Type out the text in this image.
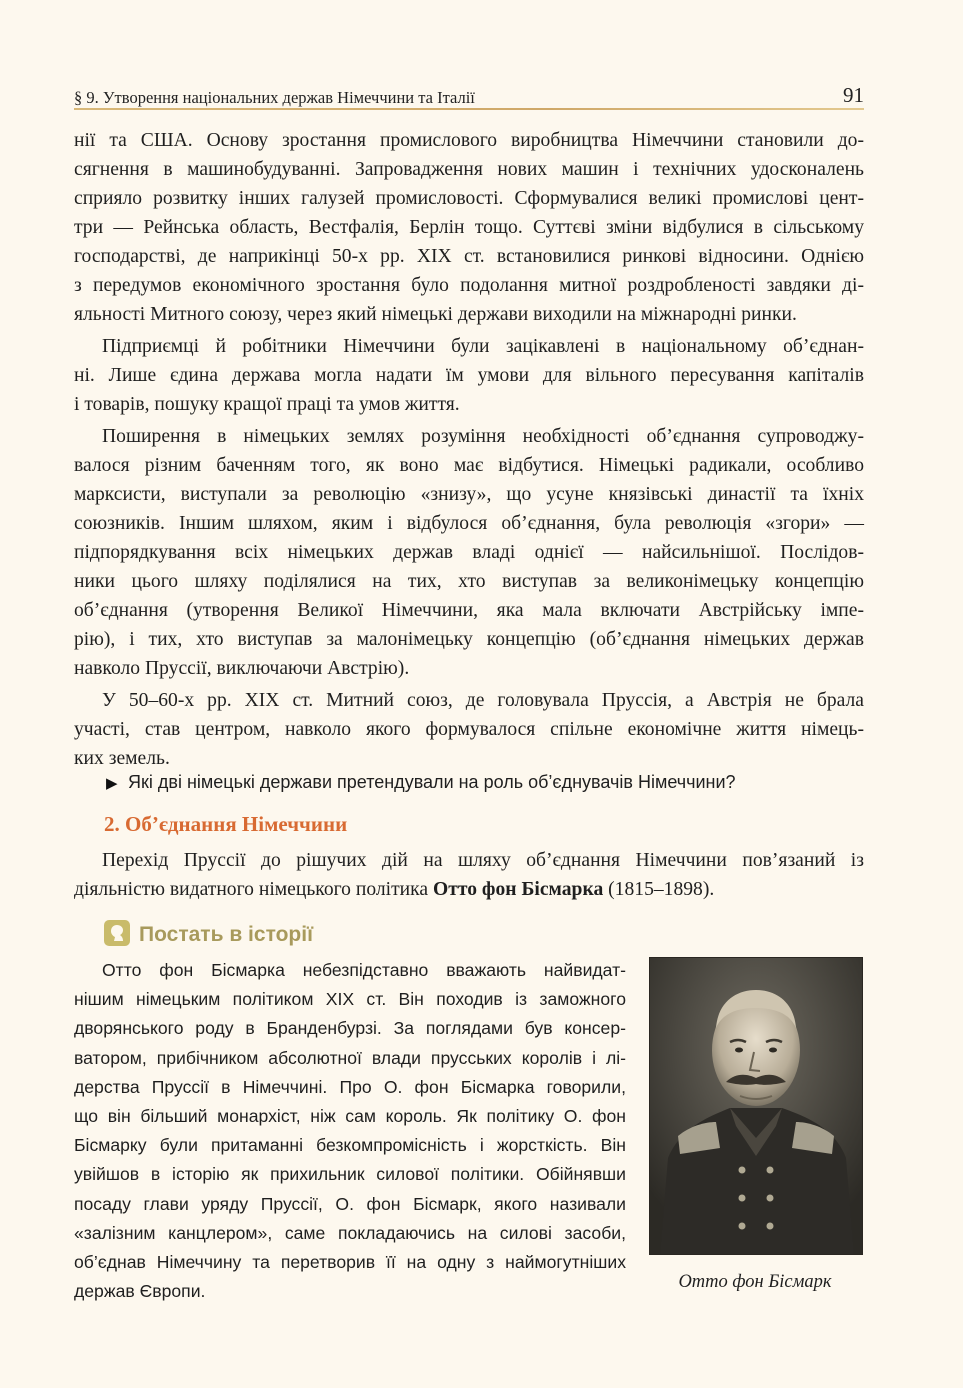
§ 9. Утворення національних держав Німеччини та Італії	91

нії та США. Основу зростання промислового виробництва Німеччини становили до-
сягнення в машинобудуванні. Запровадження нових машин і технічних удосконалень
сприяло розвитку інших галузей промисловості. Сформувалися великі промислові цент-
три — Рейнська область, Вестфалія, Берлін тощо. Суттєві зміни відбулися в сільському
господарстві, де наприкінці 50-х рр. XIX ст. встановилися ринкові відносини. Однією
з передумов економічного зростання було подолання митної роздробленості завдяки ді-
яльності Митного союзу, через який німецькі держави виходили на міжнародні ринки.

Підприємці й робітники Німеччини були зацікавлені в національному об’єднан-
ні. Лише єдина держава могла надати їм умови для вільного пересування капіталів
і товарів, пошуку кращої праці та умов життя.

Поширення в німецьких землях розуміння необхідності об’єднання супроводжу-
валося різним баченням того, як воно має відбутися. Німецькі радикали, особливо
марксисти, виступали за революцію «знизу», що усуне князівські династії та їхніх
союзників. Іншим шляхом, яким і відбулося об’єднання, була революція «згори» —
підпорядкування всіх німецьких держав владі однієї — найсильнішої. Послідов-
ники цього шляху поділялися на тих, хто виступав за великонімецьку концепцію
об’єднання (утворення Великої Німеччини, яка мала включати Австрійську імпе-
рію), і тих, хто виступав за малонімецьку концепцію (об’єднання німецьких держав
навколо Пруссії, виключаючи Австрію).

У 50–60-х рр. XIX ст. Митний союз, де головувала Пруссія, а Австрія не брала
участі, став центром, навколо якого формувалося спільне економічне життя німець-
ких земель.

▶ Які дві німецькі держави претендували на роль об’єднувачів Німеччини?
2. Об’єднання Німеччини
Перехід Пруссії до рішучих дій на шляху об’єднання Німеччини пов’язаний із
діяльністю видатного німецького політика Отто фон Бісмарка (1815–1898).
Постать в історії
Отто фон Бісмарка небезпідставно вважають найвидат-
нішим німецьким політиком XIX ст. Він походив із заможного
дворянського роду в Бранденбурзі. За поглядами був консер-
ватором, прибічником абсолютної влади прусських королів і лі-
дерства Пруссії в Німеччині. Про О. фон Бісмарка говорили,
що він більший монархіст, ніж сам король. Як політику О. фон
Бісмарку були притаманні безкомпромісність і жорсткість. Він
увійшов в історію як прихильник силової політики. Обійнявши
посаду глави уряду Пруссії, О. фон Бісмарк, якого називали
«залізним канцлером», саме покладаючись на силові засоби,
об’єднав Німеччину та перетворив її на одну з наймогутніших
держав Європи.	Отто фон Бісмарк
